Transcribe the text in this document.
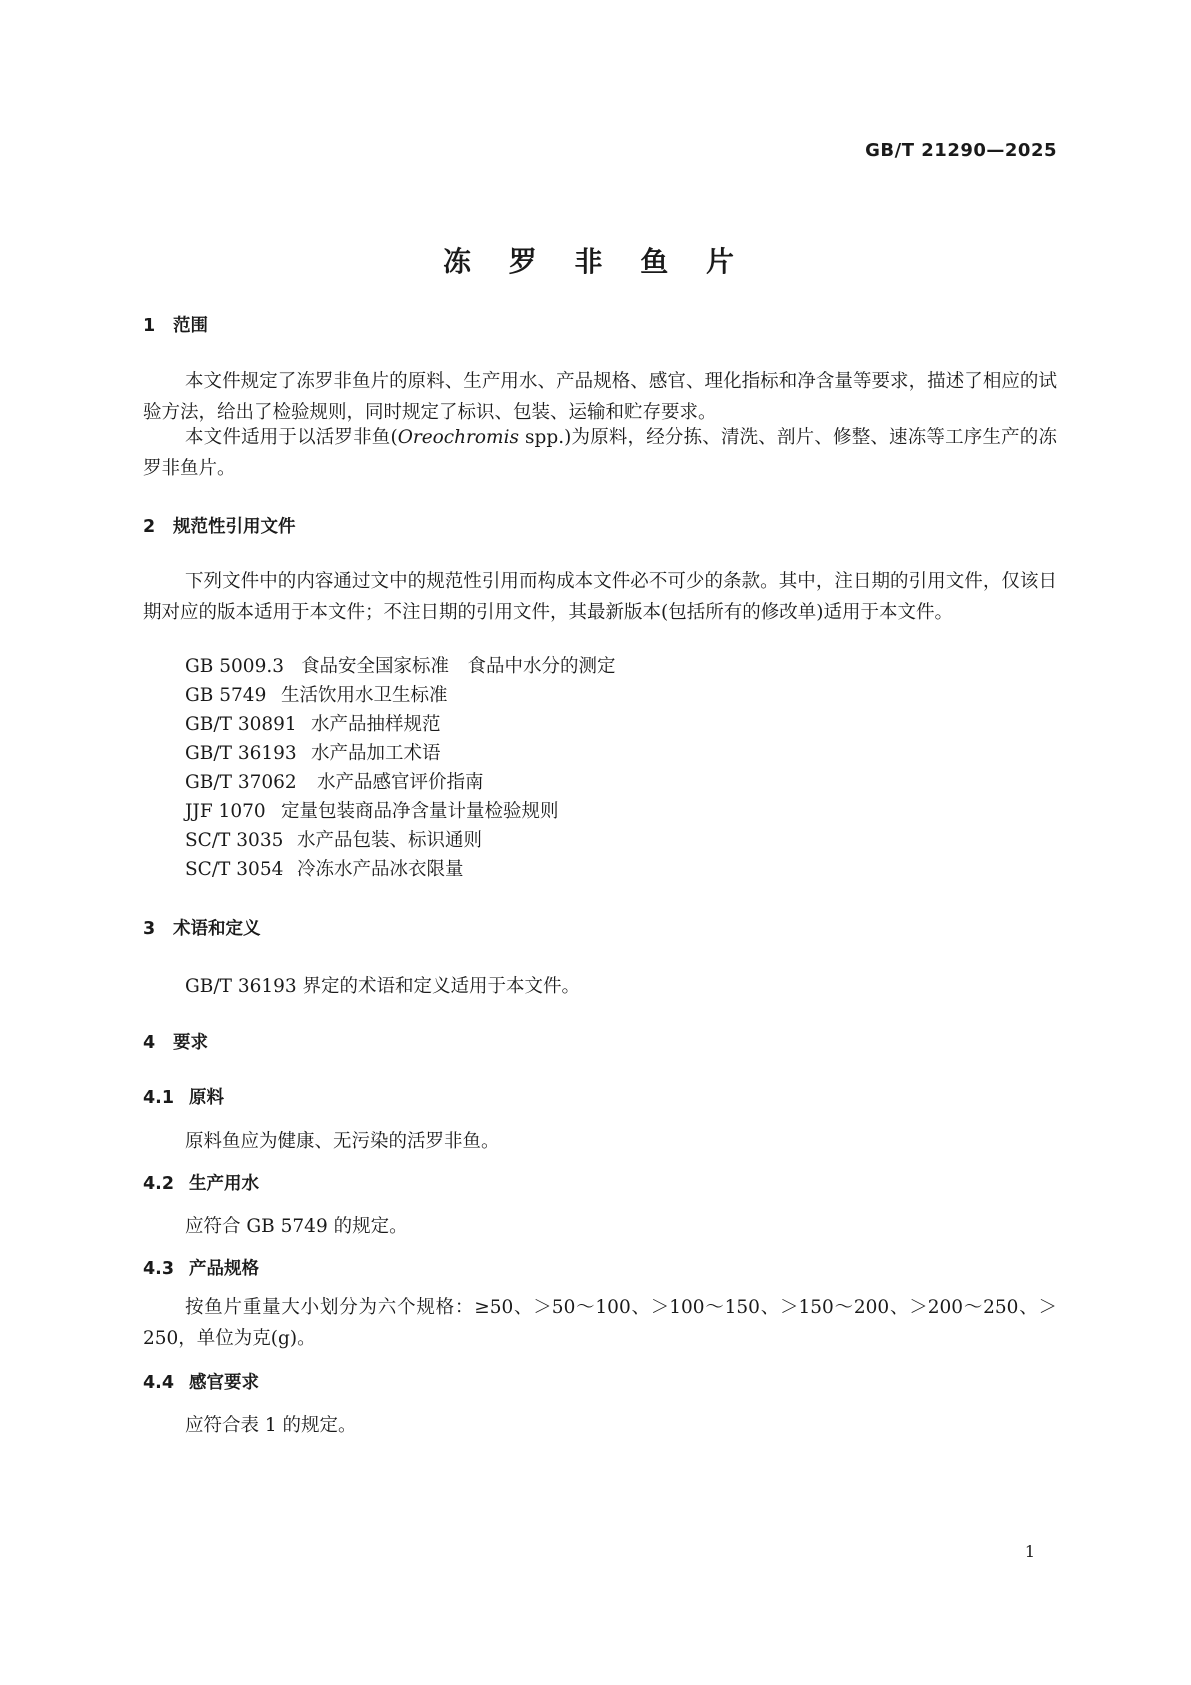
GB/T 21290—2025
冻 罗 非 鱼 片
1 范围
本文件规定了冻罗非鱼片的原料、生产用水、产品规格、感官、理化指标和净含量等要求，描述了相应的试验方法，给出了检验规则，同时规定了标识、包装、运输和贮存要求。
本文件适用于以活罗非鱼(Oreochromis spp.)为原料，经分拣、清洗、剖片、修整、速冻等工序生产的冻罗非鱼片。
2 规范性引用文件
下列文件中的内容通过文中的规范性引用而构成本文件必不可少的条款。其中，注日期的引用文件，仅该日期对应的版本适用于本文件；不注日期的引用文件，其最新版本(包括所有的修改单)适用于本文件。
GB 5009.3 食品安全国家标准　食品中水分的测定
GB 5749 生活饮用水卫生标准
GB/T 30891 水产品抽样规范
GB/T 36193 水产品加工术语
GB/T 37062 水产品感官评价指南
JJF 1070 定量包装商品净含量计量检验规则
SC/T 3035 水产品包装、标识通则
SC/T 3054 冷冻水产品冰衣限量
3 术语和定义
GB/T 36193 界定的术语和定义适用于本文件。
4 要求
4.1 原料
原料鱼应为健康、无污染的活罗非鱼。
4.2 生产用水
应符合 GB 5749 的规定。
4.3 产品规格
按鱼片重量大小划分为六个规格：≥50、＞50～100、＞100～150、＞150～200、＞200～250、＞250，单位为克(g)。
4.4 感官要求
应符合表 1 的规定。
1
